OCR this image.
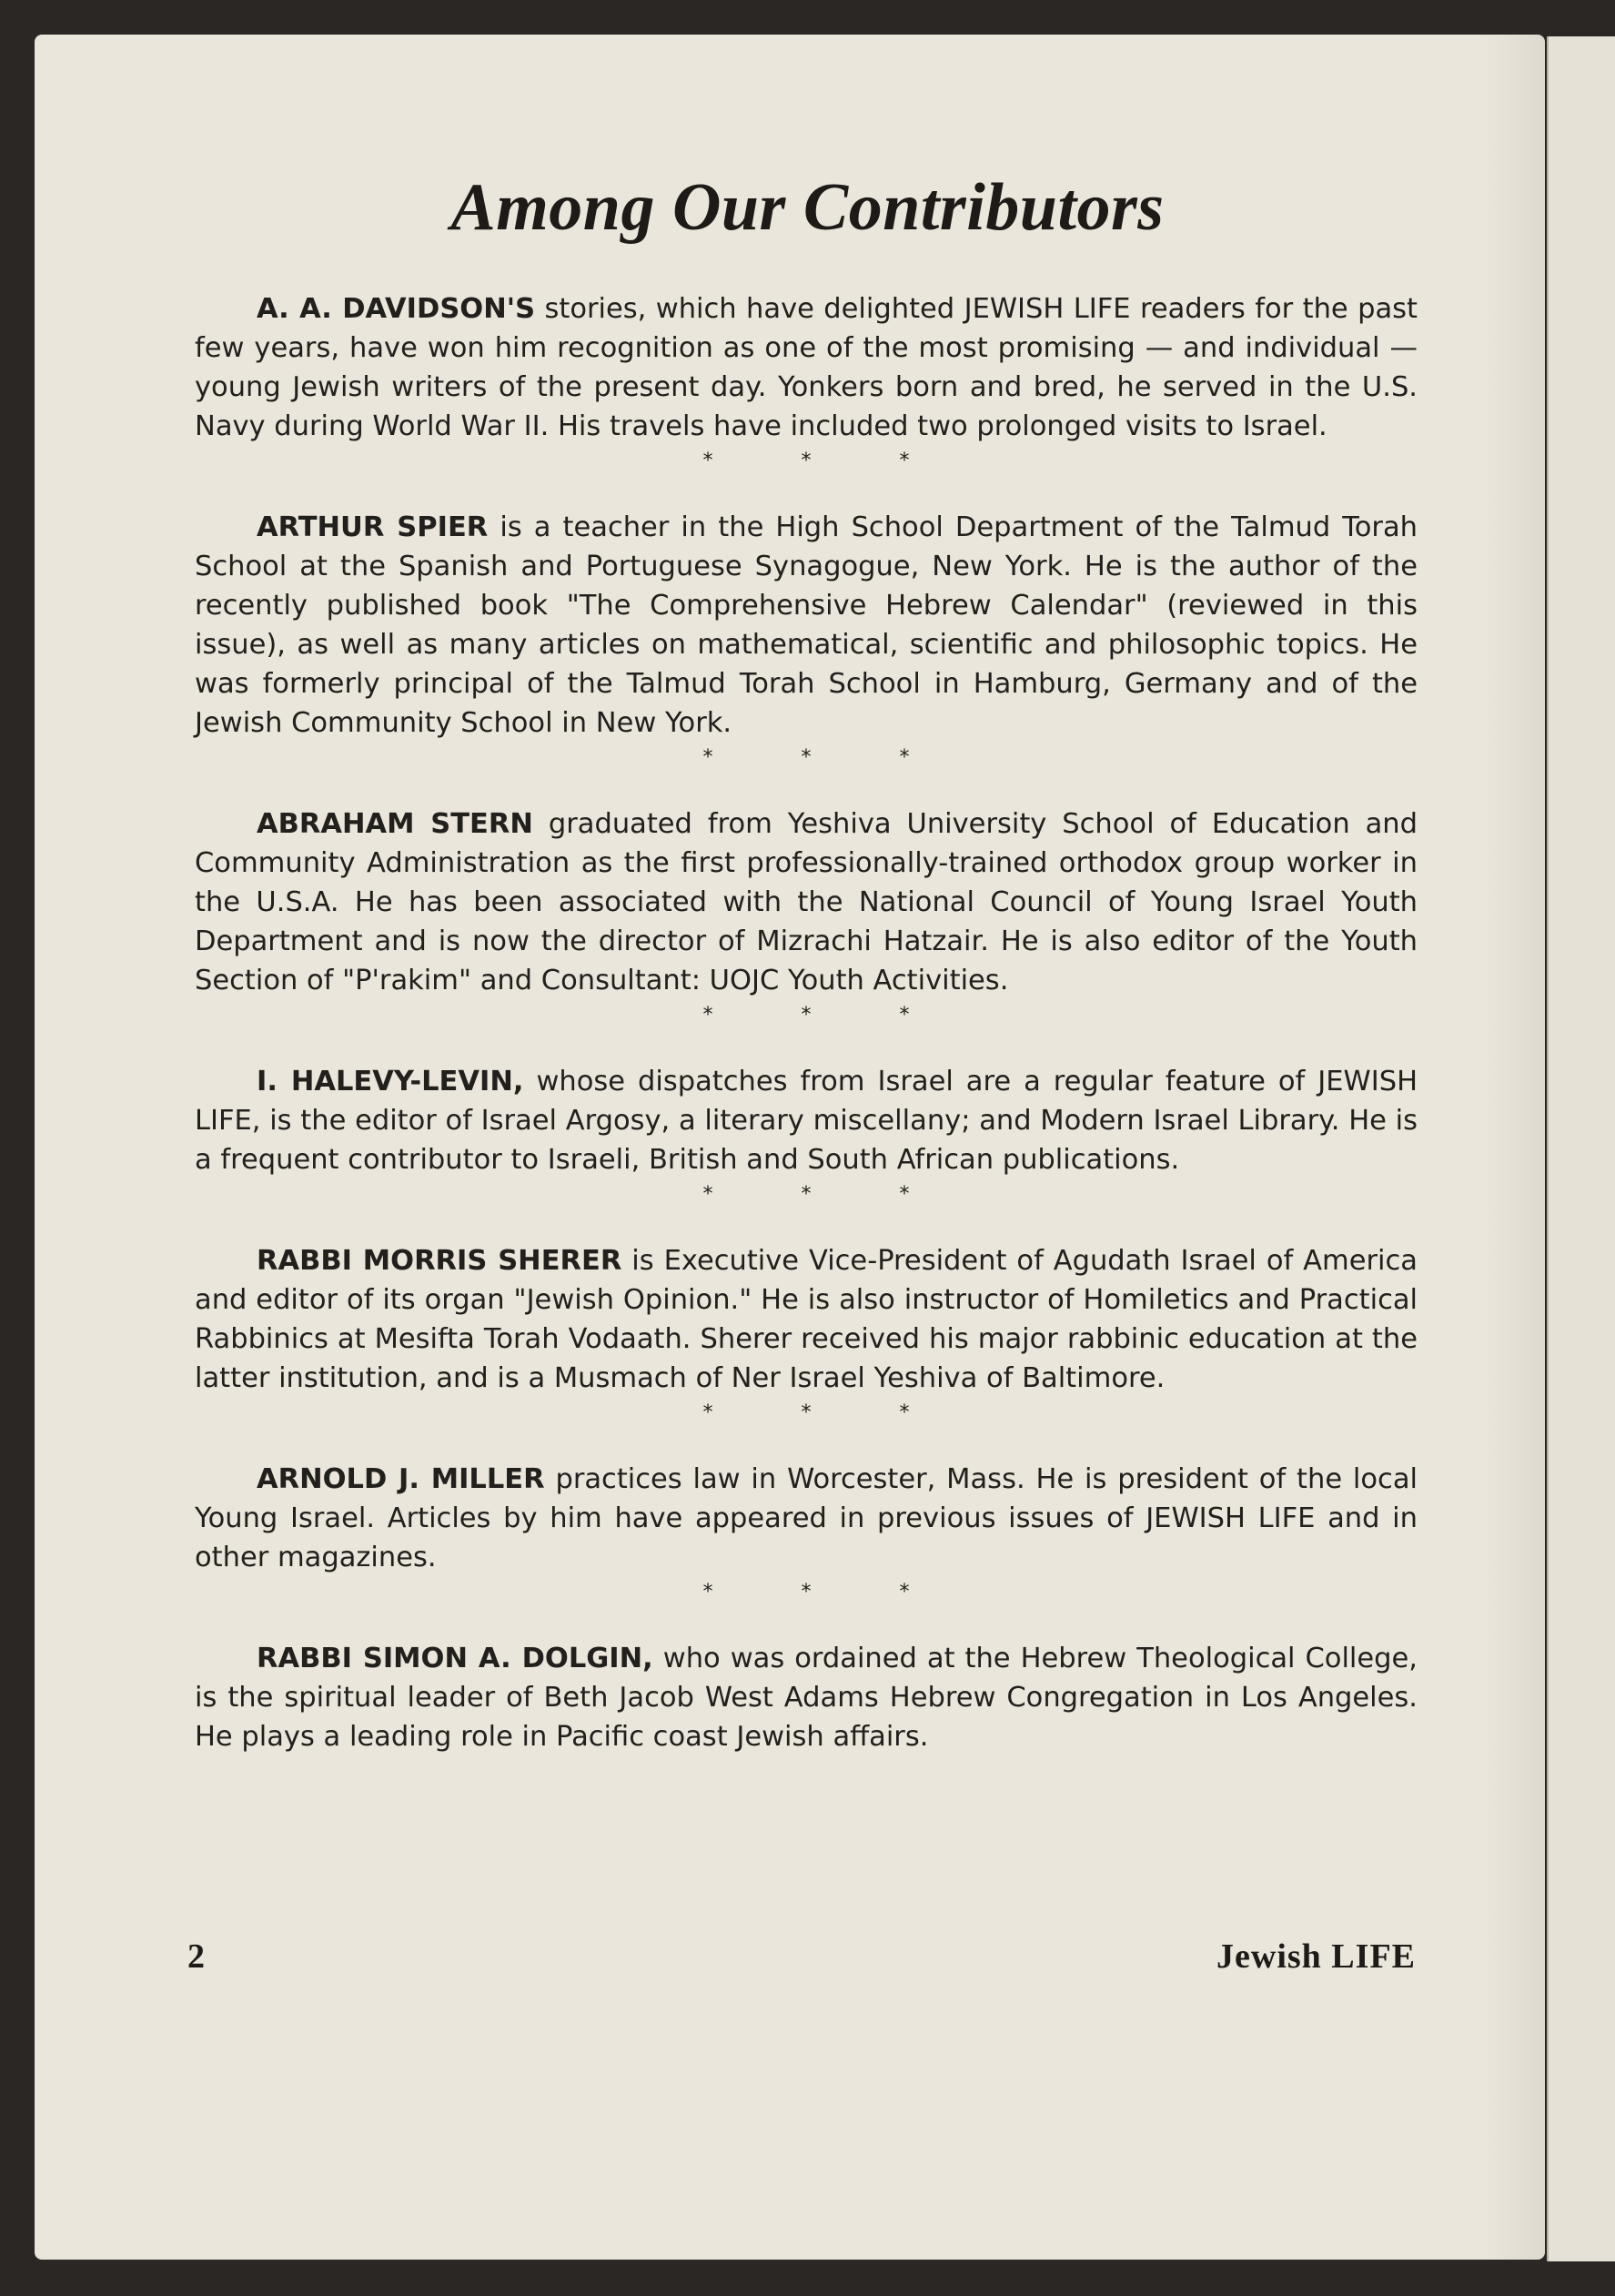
Among Our Contributors

A. A. DAVIDSON'S stories, which have delighted JEWISH LIFE readers for the past few years, have won him recognition as one of the most promising — and individual — young Jewish writers of the present day. Yonkers born and bred, he served in the U.S. Navy during World War II. His travels have included two prolonged visits to Israel.

* * *

ARTHUR SPIER is a teacher in the High School Department of the Talmud Torah School at the Spanish and Portuguese Synagogue, New York. He is the author of the recently published book "The Comprehensive Hebrew Calendar" (reviewed in this issue), as well as many articles on mathematical, scientific and philosophic topics. He was formerly principal of the Talmud Torah School in Hamburg, Germany and of the Jewish Community School in New York.

* * *

ABRAHAM STERN graduated from Yeshiva University School of Education and Community Administration as the first professionally-trained orthodox group worker in the U.S.A. He has been associated with the National Council of Young Israel Youth Department and is now the director of Mizrachi Hatzair. He is also editor of the Youth Section of "P'rakim" and Consultant: UOJC Youth Activities.

* * *

I. HALEVY-LEVIN, whose dispatches from Israel are a regular feature of JEWISH LIFE, is the editor of Israel Argosy, a literary miscellany; and Modern Israel Library. He is a frequent contributor to Israeli, British and South African publications.

* * *

RABBI MORRIS SHERER is Executive Vice-President of Agudath Israel of America and editor of its organ "Jewish Opinion." He is also instructor of Homiletics and Practical Rabbinics at Mesifta Torah Vodaath. Sherer received his major rabbinic education at the latter institution, and is a Musmach of Ner Israel Yeshiva of Baltimore.

* * *

ARNOLD J. MILLER practices law in Worcester, Mass. He is president of the local Young Israel. Articles by him have appeared in previous issues of JEWISH LIFE and in other magazines.

* * *

RABBI SIMON A. DOLGIN, who was ordained at the Hebrew Theological College, is the spiritual leader of Beth Jacob West Adams Hebrew Congregation in Los Angeles. He plays a leading role in Pacific coast Jewish affairs.

2	Jewish LIFE
